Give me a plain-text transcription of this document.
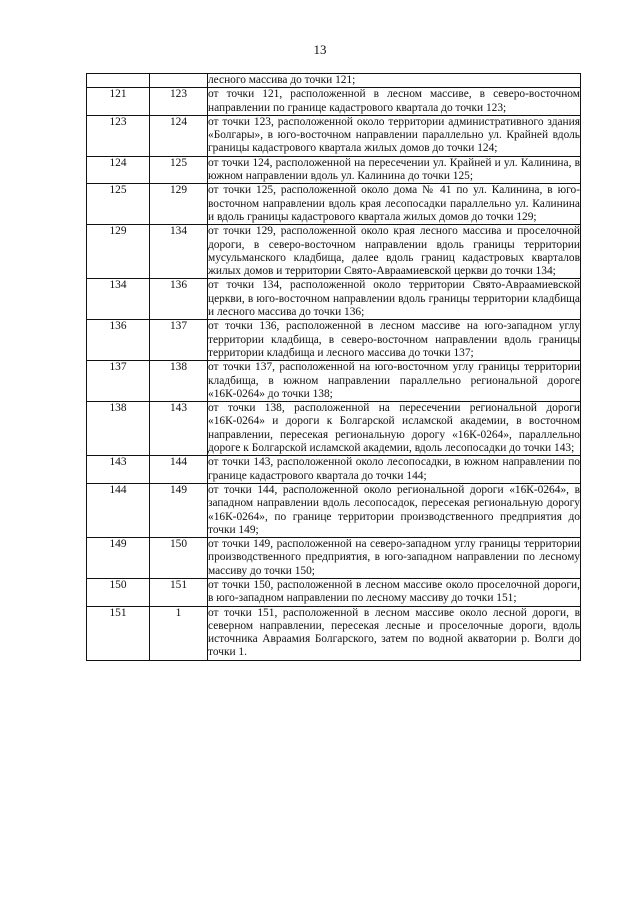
13
		лесного массива до точки 121;
121	123	от точки 121, расположенной в лесном массиве, в северо-восточном направлении по границе кадастрового квартала до точки 123;
123	124	от точки 123, расположенной около территории административного здания «Болгары», в юго-восточном направлении параллельно ул. Крайней вдоль границы кадастрового квартала жилых домов до точки 124;
124	125	от точки 124, расположенной на пересечении ул. Крайней и ул. Калинина, в южном направлении вдоль ул. Калинина до точки 125;
125	129	от точки 125, расположенной около дома № 41 по ул. Калинина, в юго-восточном направлении вдоль края лесопосадки параллельно ул. Калинина и вдоль границы кадастрового квартала жилых домов до точки 129;
129	134	от точки 129, расположенной около края лесного массива и проселочной дороги, в северо-восточном направлении вдоль границы территории мусульманского кладбища, далее вдоль границ кадастровых кварталов жилых домов и территории Свято-Авраамиевской церкви до точки 134;
134	136	от точки 134, расположенной около территории Свято-Авраамиевской церкви, в юго-восточном направлении вдоль границы территории кладбища и лесного массива до точки 136;
136	137	от точки 136, расположенной в лесном массиве на юго-западном углу территории кладбища, в северо-восточном направлении вдоль границы территории кладбища и лесного массива до точки 137;
137	138	от точки 137, расположенной на юго-восточном углу границы территории кладбища, в южном направлении параллельно региональной дороге «16К-0264» до точки 138;
138	143	от точки 138, расположенной на пересечении региональной дороги «16К-0264» и дороги к Болгарской исламской академии, в восточном направлении, пересекая региональную дорогу «16К-0264», параллельно дороге к Болгарской исламской академии, вдоль лесопосадки до точки 143;
143	144	от точки 143, расположенной около лесопосадки, в южном направлении по границе кадастрового квартала до точки 144;
144	149	от точки 144, расположенной около региональной дороги «16К-0264», в западном направлении вдоль лесопосадок, пересекая региональную дорогу «16К-0264», по границе территории производственного предприятия до точки 149;
149	150	от точки 149, расположенной на северо-западном углу границы территории производственного предприятия, в юго-западном направлении по лесному массиву до точки 150;
150	151	от точки 150, расположенной в лесном массиве около проселочной дороги, в юго-западном направлении по лесному массиву до точки 151;
151	1	от точки 151, расположенной в лесном массиве около лесной дороги, в северном направлении, пересекая лесные и проселочные дороги, вдоль источника Авраамия Болгарского, затем по водной акватории р. Волги до точки 1.
